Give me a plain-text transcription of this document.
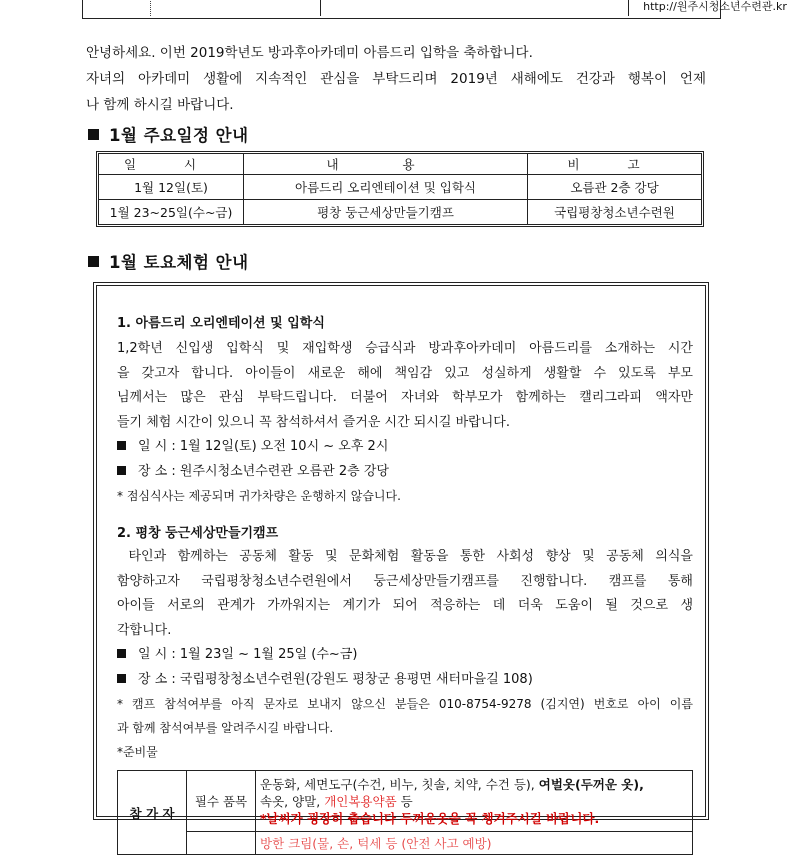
http://원주시청소년수련관.kr

안녕하세요. 이번 2019학년도 방과후아카데미 아름드리 입학을 축하합니다.

자녀의 아카데미 생활에 지속적인 관심을 부탁드리며 2019년 새해에도 건강과 행복이 언제

나 함께 하시길 바랍니다.

1월 주요일정 안내
일 시	내 용	비 고
1월 12일(토)	아름드리 오리엔테이션 및 입학식	오름관 2층 강당
1월 23~25일(수~금)	평창 둥근세상만들기캠프	국립평창청소년수련원
1월 토요체험 안내

1. 아름드리 오리엔테이션 및 입학식

1,2학년 신입생 입학식 및 재입학생 승급식과 방과후아카데미 아름드리를 소개하는 시간

을 갖고자 합니다. 아이들이 새로운 해에 책임감 있고 성실하게 생활할 수 있도록 부모

님께서는 많은 관심 부탁드립니다. 더불어 자녀와 학부모가 함께하는 캘리그라피 액자만

들기 체험 시간이 있으니 꼭 참석하셔서 즐거운 시간 되시길 바랍니다.

일 시 : 1월 12일(토) 오전 10시 ~ 오후 2시

장 소 : 원주시청소년수련관 오름관 2층 강당

* 점심식사는 제공되며 귀가차량은 운행하지 않습니다.

2. 평창 둥근세상만들기캠프

타인과 함께하는 공동체 활동 및 문화체험 활동을 통한 사회성 향상 및 공동체 의식을

함양하고자 국립평창청소년수련원에서 둥근세상만들기캠프를 진행합니다. 캠프를 통해

아이들 서로의 관계가 가까워지는 계기가 되어 적응하는 데 더욱 도움이 될 것으로 생

각합니다.

일 시 : 1월 23일 ~ 1월 25일 (수~금)

장 소 : 국립평창청소년수련원(강원도 평창군 용평면 새터마을길 108)

* 캠프 참석여부를 아직 문자로 보내지 않으신 분들은 010-8754-9278 (김지연) 번호로 아이 이름

과 함께 참석여부를 알려주시길 바랍니다.

*준비물

참 가 자	필수 품목	운동화, 세면도구(수건, 비누, 칫솔, 치약, 수건 등), 여벌옷(두꺼운 옷),
속옷, 양말, 개인복용약품 등
*날씨가 굉장히 춥습니다 두꺼운옷을 꼭 챙겨주시길 바랍니다.
		방한 크림(물, 손, 턱세 등 (안전 사고 예방)
